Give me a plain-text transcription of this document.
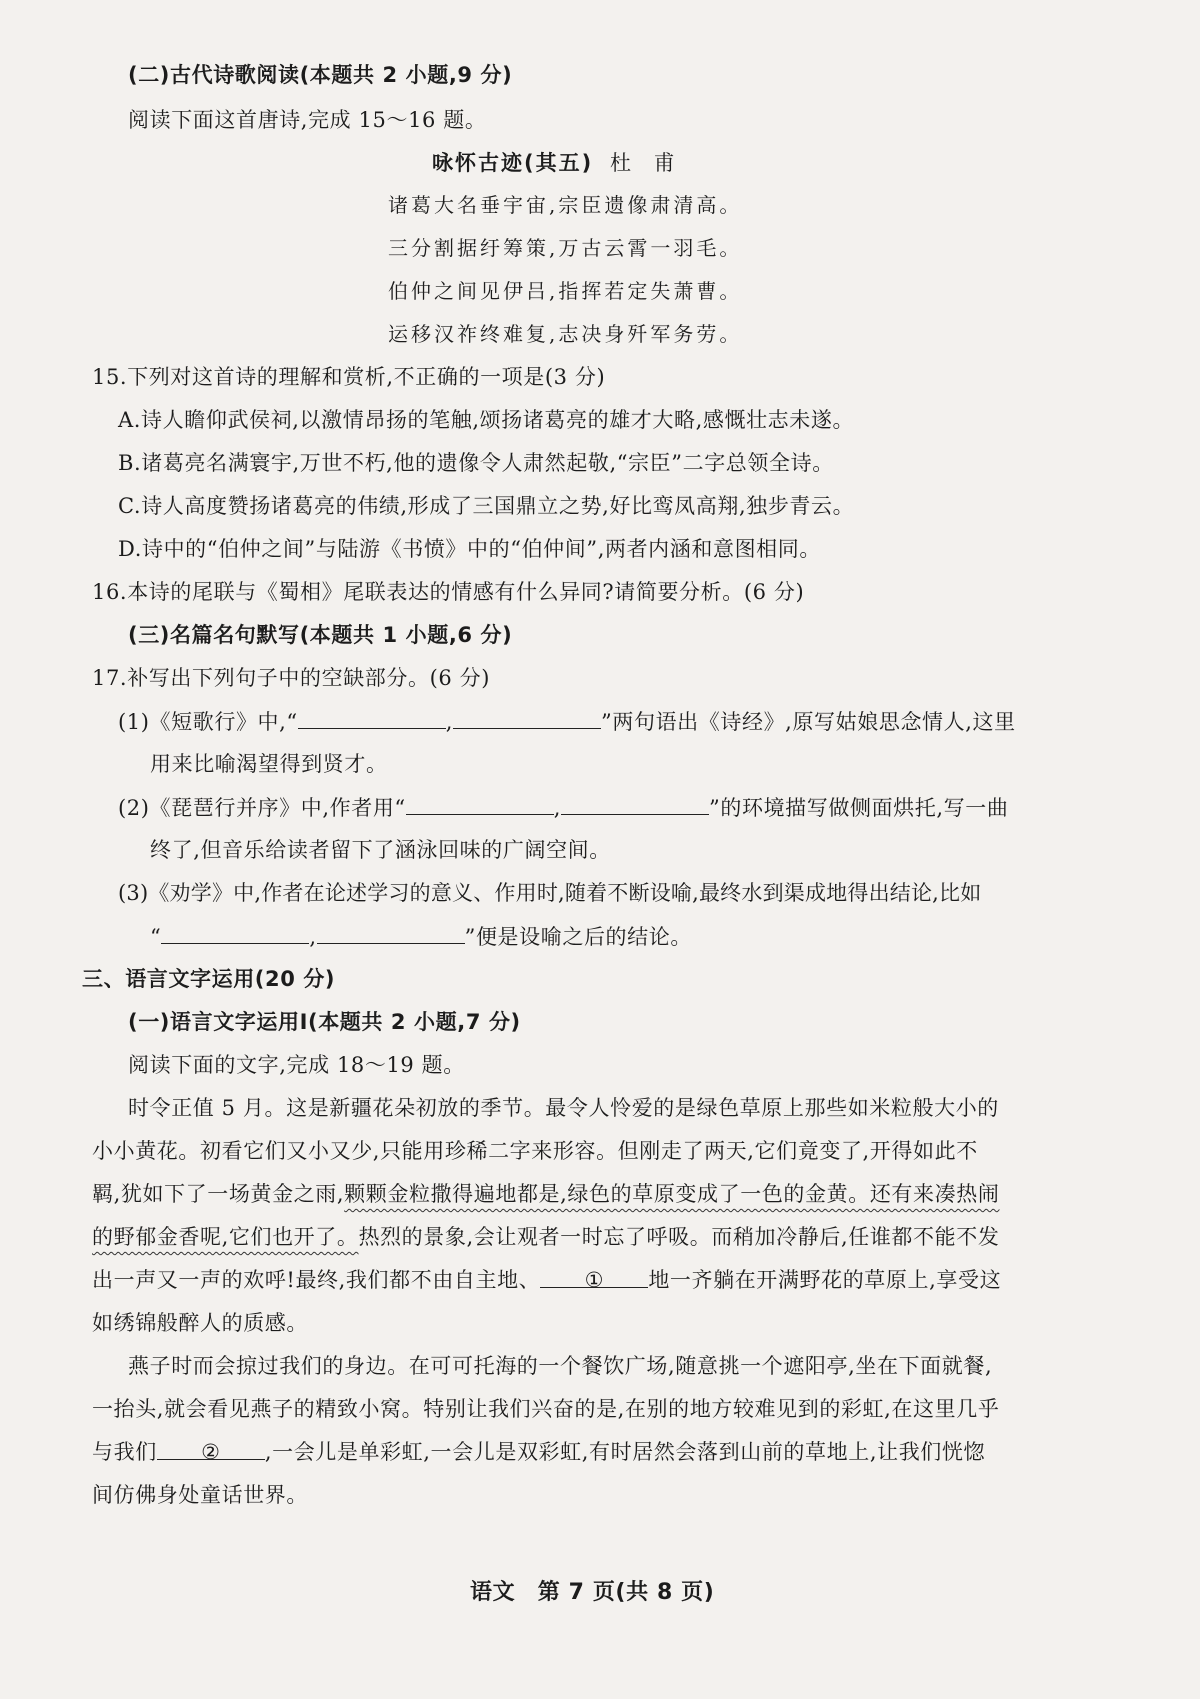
(二)古代诗歌阅读(本题共 2 小题,9 分)
阅读下面这首唐诗,完成 15～16 题。
咏怀古迹(其五) 杜 甫
诸葛大名垂宇宙,宗臣遗像肃清高。
三分割据纡筹策,万古云霄一羽毛。
伯仲之间见伊吕,指挥若定失萧曹。
运移汉祚终难复,志决身歼军务劳。
15.下列对这首诗的理解和赏析,不正确的一项是(3 分)
A.诗人瞻仰武侯祠,以激情昂扬的笔触,颂扬诸葛亮的雄才大略,感慨壮志未遂。
B.诸葛亮名满寰宇,万世不朽,他的遗像令人肃然起敬,“宗臣”二字总领全诗。
C.诗人高度赞扬诸葛亮的伟绩,形成了三国鼎立之势,好比鸾凤高翔,独步青云。
D.诗中的“伯仲之间”与陆游《书愤》中的“伯仲间”,两者内涵和意图相同。
16.本诗的尾联与《蜀相》尾联表达的情感有什么异同?请简要分析。(6 分)
(三)名篇名句默写(本题共 1 小题,6 分)
17.补写出下列句子中的空缺部分。(6 分)
(1)《短歌行》中,“	,	”两句语出《诗经》,原写姑娘思念情人,这里
用来比喻渴望得到贤才。
(2)《琵琶行并序》中,作者用“	,	”的环境描写做侧面烘托,写一曲
终了,但音乐给读者留下了涵泳回味的广阔空间。
(3)《劝学》中,作者在论述学习的意义、作用时,随着不断设喻,最终水到渠成地得出结论,比如
“	,	”便是设喻之后的结论。
三、语言文字运用(20 分)
(一)语言文字运用Ⅰ(本题共 2 小题,7 分)
阅读下面的文字,完成 18～19 题。
时令正值 5 月。这是新疆花朵初放的季节。最令人怜爱的是绿色草原上那些如米粒般大小的
小小黄花。初看它们又小又少,只能用珍稀二字来形容。但刚走了两天,它们竟变了,开得如此不
羁,犹如下了一场黄金之雨,颗颗金粒撒得遍地都是,绿色的草原变成了一色的金黄。还有来凑热闹
的野郁金香呢,它们也开了。热烈的景象,会让观者一时忘了呼吸。而稍加冷静后,任谁都不能不发
出一声又一声的欢呼!最终,我们都不由自主地、 ① 地一齐躺在开满野花的草原上,享受这
如绣锦般醉人的质感。
燕子时而会掠过我们的身边。在可可托海的一个餐饮广场,随意挑一个遮阳亭,坐在下面就餐,
一抬头,就会看见燕子的精致小窝。特别让我们兴奋的是,在别的地方较难见到的彩虹,在这里几乎
与我们 ② ,一会儿是单彩虹,一会儿是双彩虹,有时居然会落到山前的草地上,让我们恍惚
间仿佛身处童话世界。
语文　第 7 页(共 8 页)
